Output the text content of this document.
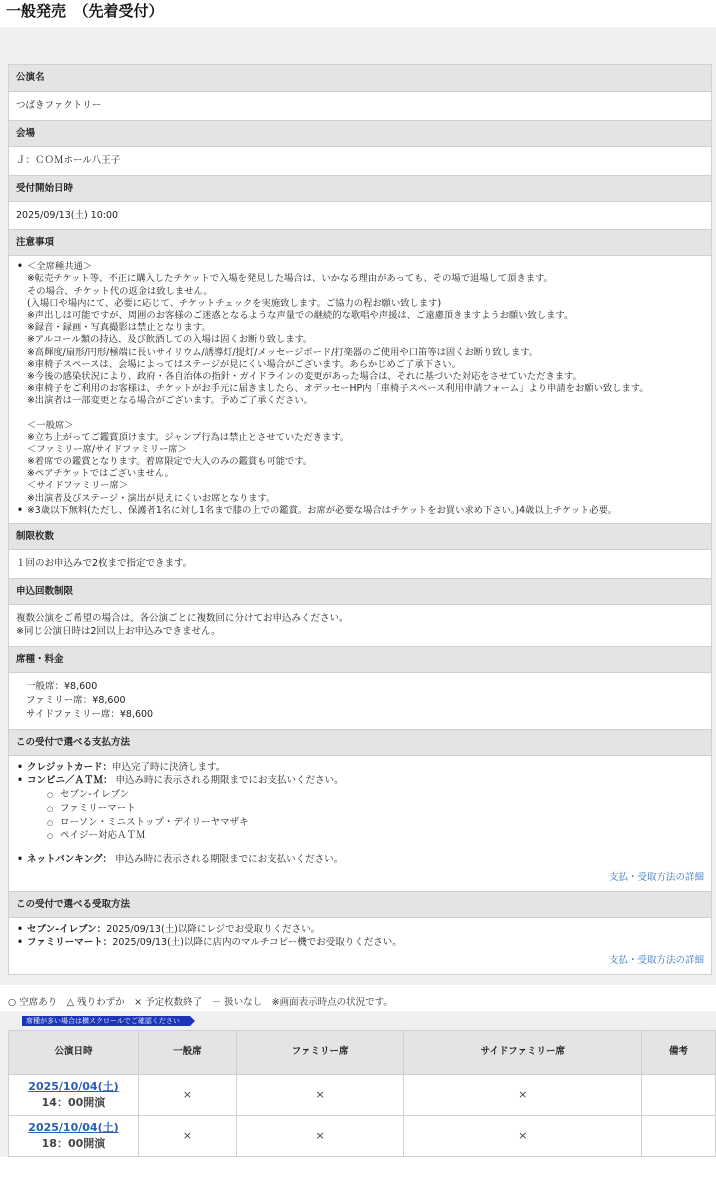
一般発売　（先着受付）
公演名
つばきファクトリー
会場
Ｊ：ＣＯＭホール八王子
受付開始日時
2025/09/13(土) 10:00
注意事項
• ＜全席種共通＞
※転売チケット等、不正に購入したチケットで入場を発見した場合は、いかなる理由があっても、その場で退場して頂きます。
その場合、チケット代の返金は致しません。
(入場口や場内にて、必要に応じて、チケットチェックを実施致します。ご協力の程お願い致します)
※声出しは可能ですが、周囲のお客様のご迷惑となるような声量での継続的な歌唱や声援は、ご遠慮頂きますようお願い致します。
※録音・録画・写真撮影は禁止となります。
※アルコール類の持込、及び飲酒しての入場は固くお断り致します。
※高輝度/扇形/円形/極端に長いサイリウム/誘導灯/提灯/メッセージボード/打楽器のご使用や口笛等は固くお断り致します。
※車椅子スペースは、会場によってはステージが見にくい場合がございます。あらかじめご了承下さい。
※今後の感染状況により、政府・各自治体の指針・ガイドラインの変更があった場合は、それに基づいた対応をさせていただきます。
※車椅子をご利用のお客様は、チケットがお手元に届きましたら、オデッセーHP内「車椅子スペース利用申請フォーム」より申請をお願い致します。
※出演者は一部変更となる場合がございます。予めご了承ください。

＜一般席＞
※立ち上がってご鑑賞頂けます。ジャンプ行為は禁止とさせていただきます。
＜ファミリー席/サイドファミリー席＞
※着席での鑑賞となります。着席限定で大人のみの鑑賞も可能です。
※ペアチケットではございません。
＜サイドファミリー席＞
※出演者及びステージ・演出が見えにくいお席となります。
• ※3歳以下無料(ただし、保護者1名に対し1名まで膝の上での鑑賞。お席が必要な場合はチケットをお買い求め下さい。)4歳以上チケット必要。
制限枚数
１回のお申込みで2枚まで指定できます。
申込回数制限
複数公演をご希望の場合は、各公演ごとに複数回に分けてお申込みください。
※同じ公演日時は2回以上お申込みできません。
席種・料金
一般席：¥8,600
ファミリー席：¥8,600
サイドファミリー席：¥8,600
この受付で選べる支払方法
• クレジットカード：申込完了時に決済します。
• コンビニ／ＡＴＭ： 申込み時に表示される期限までにお支払いください。
○ セブン-イレブン
○ ファミリーマート
○ ローソン・ミニストップ・デイリーヤマザキ
○ ペイジー対応ＡＴＭ
• ネットバンキング： 申込み時に表示される期限までにお支払いください。
支払・受取方法の詳細
この受付で選べる受取方法
• セブン-イレブン：2025/09/13(土)以降にレジでお受取りください。
• ファミリーマート：2025/09/13(土)以降に店内のマルチコピー機でお受取りください。
支払・受取方法の詳細
○ 空席あり　△ 残りわずか　× 予定枚数終了　－ 扱いなし　※画面表示時点の状況です。
席種が多い場合は横スクロールでご確認ください
公演日時	一般席	ファミリー席	サイドファミリー席	備考

2025/10/04(土)
14：00開演	×	×	×	

2025/10/04(土)
18：00開演	×	×	×	
